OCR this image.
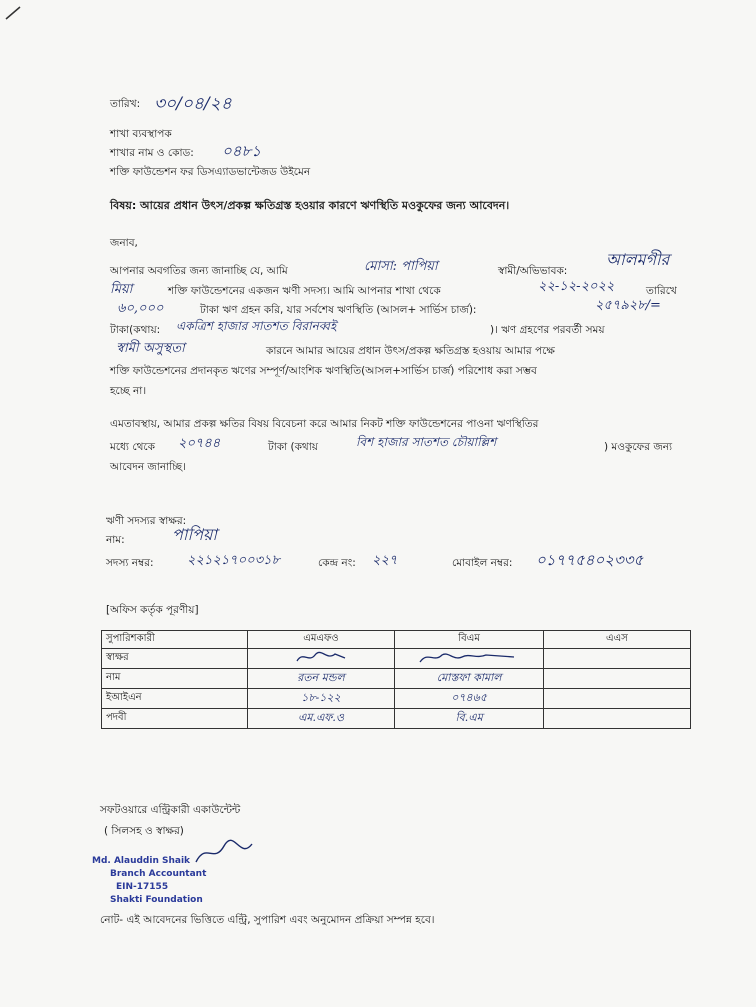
তারিখ: ৩০/০৪/২৪
শাখা ব্যবস্থাপক
শাখার নাম ও কোড: ০৪৮১
শক্তি ফাউন্ডেশন ফর ডিসএ্যাডভান্টেজড উইমেন
বিষয়: আয়ের প্রধান উৎস/প্রকল্প ক্ষতিগ্রস্ত হওয়ার কারণে ঋণস্থিতি মওকুফের জন্য আবেদন।
জনাব,
আপনার অবগতির জন্য জানাচ্ছি যে, আমি	মোসা: পাপিয়া	স্বামী/অভিভাবক:
আলমগীর
মিয়া	শক্তি ফাউন্ডেশনের একজন ঋণী সদস্য। আমি আপনার শাখা থেকে	২২-১২-২০২২	তারিখে
৬০,০০০	টাকা ঋণ গ্রহন করি, যার সর্বশেষ ঋণস্থিতি (আসল+ সার্ভিস চার্জ):	২৫৭৯২৮/=
টাকা(কথায়: একত্রিশ হাজার সাতশত বিরানব্বই	)। ঋণ গ্রহণের পরবর্তী সময়
স্বামী অসুস্থতা	কারনে আমার আয়ের প্রধান উৎস/প্রকল্প ক্ষতিগ্রস্ত হওয়ায় আমার পক্ষে
শক্তি ফাউন্ডেশনের প্রদানকৃত ঋণের সম্পূর্ণ/আংশিক ঋণস্থিতি(আসল+সার্ভিস চার্জ) পরিশোধ করা সম্ভব
হচ্ছে না।
এমতাবস্থায়, আমার প্রকল্প ক্ষতির বিষয় বিবেচনা করে আমার নিকট শক্তি ফাউন্ডেশনের পাওনা ঋণস্থিতির
মধ্যে থেকে ২০৭৪৪	টাকা (কথায়	বিশ হাজার সাতশত চৌয়াল্লিশ	) মওকুফের জন্য
আবেদন জানাচ্ছি।
ঋণী সদস্যর স্বাক্ষর:
নাম:	পাপিয়া
সদস্য নম্বর:	২২১২১৭০০৩১৮	কেন্দ্র নং: ২২৭	মোবাইল নম্বর: ০১৭৭৫৪০২৩৩৫
[অফিস কর্তৃক পূরণীয়]
সুপারিশকারী	এমএফও	বিএম	এএস
স্বাক্ষর			
নাম	রতন মন্ডল	মোস্তফা কামাল	
ইআইএন	১৮-১২২	০৭৪৬৫	
পদবী	এম.এফ.ও	বি.এম	
সফটওয়ারে এন্ট্রিকারী একাউন্টেন্ট
( সিলসহ ও স্বাক্ষর)
Md. Alauddin Shaik
Branch Accountant
EIN-17155
Shakti Foundation
নোট- এই আবেদনের ভিত্তিতে এন্ট্রি, সুপারিশ এবং অনুমোদন প্রক্রিয়া সম্পন্ন হবে।
